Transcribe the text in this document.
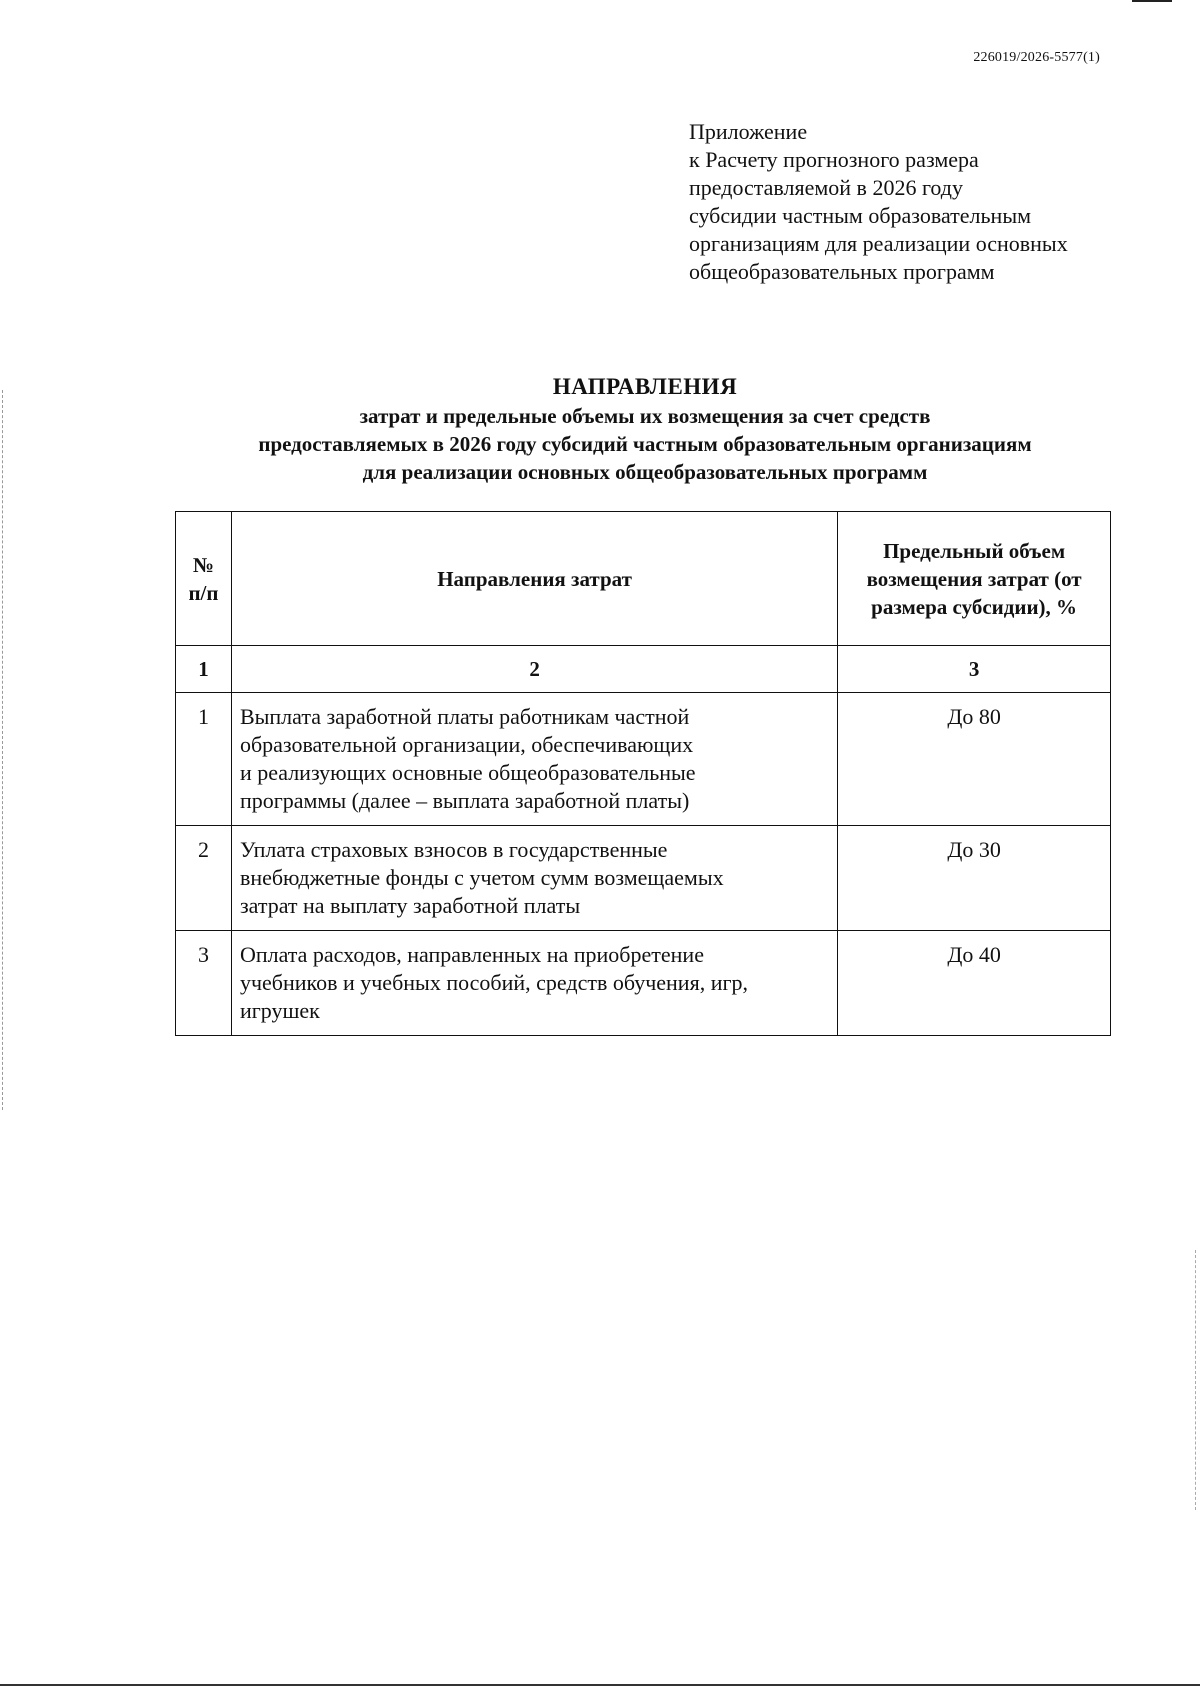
226019/2026-5577(1)
Приложение
к Расчету прогнозного размера
предоставляемой в 2026 году
субсидии частным образовательным
организациям для реализации основных
общеобразовательных программ
НАПРАВЛЕНИЯ
затрат и предельные объемы их возмещения за счет средств
предоставляемых в 2026 году субсидий частным образовательным организациям
для реализации основных общеобразовательных программ
№
п/п	Направления затрат	Предельный объем возмещения затрат (от размера субсидии), %
1	2	3
1	Выплата заработной платы работникам частной
образовательной организации, обеспечивающих
и реализующих основные общеобразовательные
программы (далее – выплата заработной платы)	До 80
2	Уплата страховых взносов в государственные
внебюджетные фонды с учетом сумм возмещаемых
затрат на выплату заработной платы	До 30
3	Оплата расходов, направленных на приобретение
учебников и учебных пособий, средств обучения, игр,
игрушек	До 40
